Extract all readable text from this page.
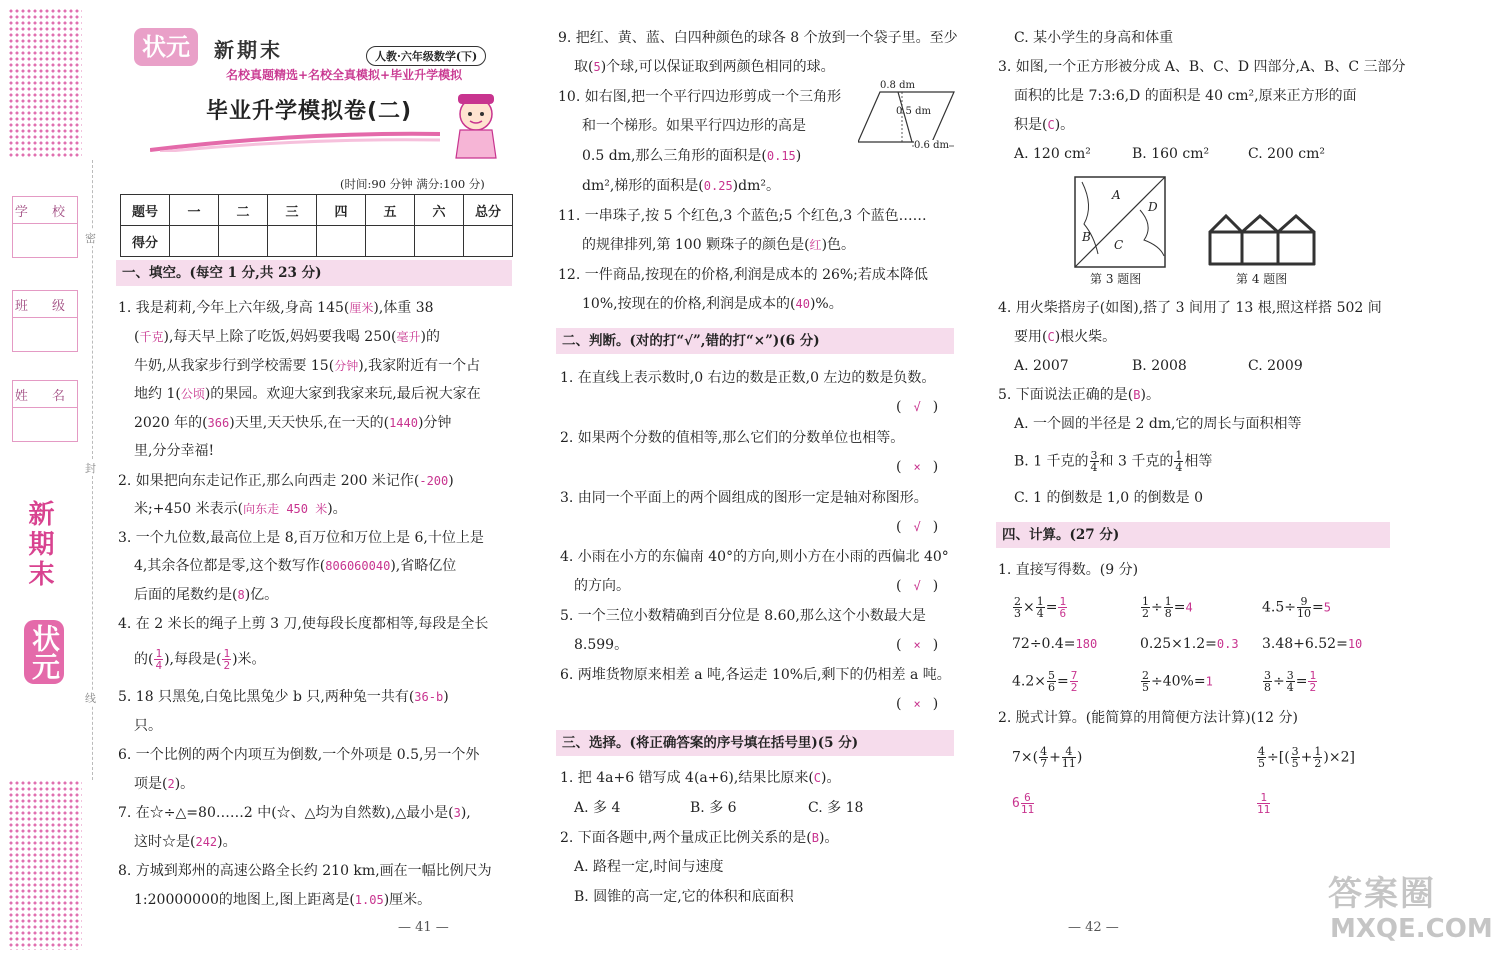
学 校
班 级
姓 名
密
封
线
新期末
状元
状元	新期末	人教·六年级数学(下)
名校真题精选+名校全真模拟+毕业升学模拟
毕业升学模拟卷(二)
(时间:90 分钟 满分:100 分)
题号	一	二	三	四	五	六	总分
得分							
一、填空。(每空 1 分,共 23 分)
1. 我是莉莉,今年上六年级,身高 145(厘米),体重 38
(千克),每天早上除了吃饭,妈妈要我喝 250(毫升)的
牛奶,从我家步行到学校需要 15(分钟),我家附近有一个占
地约 1(公顷)的果园。欢迎大家到我家来玩,最后祝大家在
2020 年的(366)天里,天天快乐,在一天的(1440)分钟
里,分分幸福!
2. 如果把向东走记作正,那么向西走 200 米记作(-200)
米;+450 米表示(向东走 450 米)。
3. 一个九位数,最高位上是 8,百万位和万位上是 6,十位上是
4,其余各位都是零,这个数写作(806060040),省略亿位
后面的尾数约是(8)亿。
4. 在 2 米长的绳子上剪 3 刀,使每段长度都相等,每段是全长
的( $\frac{1}{4}$ ),每段是( $\frac{1}{2}$ )米。
5. 18 只黑兔,白兔比黑兔少 b 只,两种兔一共有(36-b)
只。
6. 一个比例的两个内项互为倒数,一个外项是 0.5,另一个外
项是(2)。
7. 在☆÷△=80……2 中(☆、△均为自然数),△最小是(3),
这时☆是(242)。
8. 方城到郑州的高速公路全长约 210 km,画在一幅比例尺为
1:20000000的地图上,图上距离是(1.05)厘米。
— 41 —
9. 把红、黄、蓝、白四种颜色的球各 8 个放到一个袋子里。至少
取(5)个球,可以保证取到两颜色相同的球。
10. 如右图,把一个平行四边形剪成一个三角形
和一个梯形。如果平行四边形的高是
0.5 dm,那么三角形的面积是(0.15)
dm²,梯形的面积是(0.25)dm²。
0.8 dm
0.5 dm
0.6 dm
11. 一串珠子,按 5 个红色,3 个蓝色;5 个红色,3 个蓝色……
的规律排列,第 100 颗珠子的颜色是(红)色。
12. 一件商品,按现在的价格,利润是成本的 26%;若成本降低
10%,按现在的价格,利润是成本的(40)%。
二、判断。(对的打“√”,错的打“×”)(6 分)
1. 在直线上表示数时,0 右边的数是正数,0 左边的数是负数。
( √ )
2. 如果两个分数的值相等,那么它们的分数单位也相等。
( × )
3. 由同一个平面上的两个圆组成的图形一定是轴对称图形。
( √ )
4. 小雨在小方的东偏南 40°的方向,则小方在小雨的西偏北 40°
的方向。	( √ )
5. 一个三位小数精确到百分位是 8.60,那么这个小数最大是
8.599。	( × )
6. 两堆货物原来相差 a 吨,各运走 10%后,剩下的仍相差 a 吨。
( × )
三、选择。(将正确答案的序号填在括号里)(5 分)
1. 把 4a+6 错写成 4(a+6),结果比原来(C)。
A. 多 4	B. 多 6	C. 多 18
2. 下面各题中,两个量成正比例关系的是(B)。
A. 路程一定,时间与速度
B. 圆锥的高一定,它的体积和底面积
C. 某小学生的身高和体重
3. 如图,一个正方形被分成 A、B、C、D 四部分,A、B、C 三部分
面积的比是 7:3:6,D 的面积是 40 cm²,原来正方形的面
积是(C)。
A. 120 cm²	B. 160 cm²	C. 200 cm²
A
B
C
D
第 3 题图	第 4 题图
4. 用火柴搭房子(如图),搭了 3 间用了 13 根,照这样搭 502 间
要用(C)根火柴。
A. 2007	B. 2008	C. 2009
5. 下面说法正确的是(B)。
A. 一个圆的半径是 2 dm,它的周长与面积相等
B. 1 千克的 $\frac{3}{4}$ 和 3 千克的 $\frac{1}{4}$ 相等
C. 1 的倒数是 1,0 的倒数是 0
四、计算。(27 分)
1. 直接写得数。(9 分)
$\frac{2}{3} \times \frac{1}{4} = \frac{1}{6}$	$\frac{1}{2} \div \frac{1}{8} =4$	$4.5\div \frac{9}{10} =5$
72÷0.4=180	0.25×1.2=0.3 3.48+6.52=10
$4.2\times \frac{5}{6} = \frac{7}{2}$	$\frac{2}{5} \div 40\%=1$	$\frac{3}{8} \div \frac{3}{4} = \frac{1}{2}$
2. 脱式计算。(能简算的用简便方法计算)(12 分)
$7\times( \frac{4}{7} + \frac{4}{11}$ )	$\frac{4}{5}$ ÷[( $\frac{3}{5} + \frac{1}{2} )\times 2$]
$6 \frac{6}{11}$	$\frac{1}{11}$
— 42 —
答案圈
MXQE.COM
